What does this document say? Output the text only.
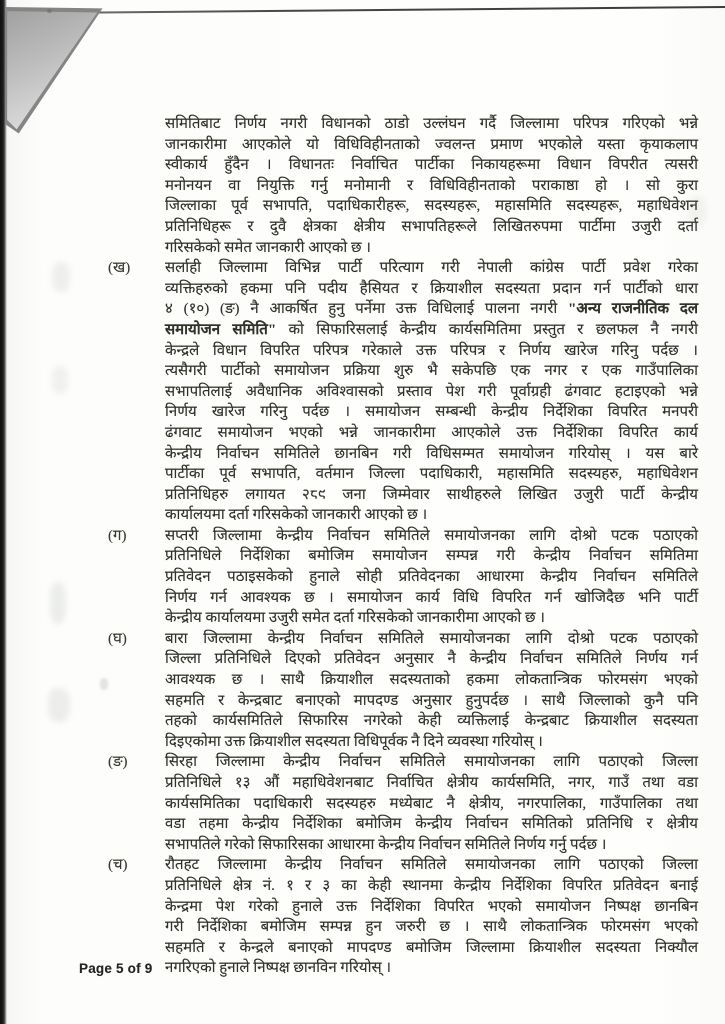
समितिबाट निर्णय नगरी विधानको ठाडो उल्लंघन गर्दै जिल्लामा परिपत्र गरिएको भन्ने
जानकारीमा आएकोले यो विधिविहीनताको ज्वलन्त प्रमाण भएकोले यस्ता कृयाकलाप
स्वीकार्य हुँदैन । विधानतः निर्वाचित पार्टीका निकायहरूमा विधान विपरीत त्यसरी
मनोनयन वा नियुक्ति गर्नु मनोमानी र विधिविहीनताको पराकाष्ठा हो । सो कुरा
जिल्लाका पूर्व सभापति, पदाधिकारीहरू, सदस्यहरू, महासमिति सदस्यहरू, महाधिवेशन
प्रतिनिधिहरू र दुवै क्षेत्रका क्षेत्रीय सभापतिहरूले लिखितरुपमा पार्टीमा उजुरी दर्ता
गरिसकेको समेत जानकारी आएको छ ।
(ख)	सर्लाही जिल्लामा विभिन्न पार्टी परित्याग गरी नेपाली कांग्रेस पार्टी प्रवेश गरेका
व्यक्तिहरुको हकमा पनि पदीय हैसियत र क्रियाशील सदस्यता प्रदान गर्न पार्टीको धारा
४ (१०) (ङ) नै आकर्षित हुनु पर्नेमा उक्त विधिलाई पालना नगरी "अन्य राजनीतिक दल
समायोजन समिति" को सिफारिसलाई केन्द्रीय कार्यसमितिमा प्रस्तुत र छलफल नै नगरी
केन्द्रले विधान विपरित परिपत्र गरेकाले उक्त परिपत्र र निर्णय खारेज गरिनु पर्दछ ।
त्यसैगरी पार्टीको समायोजन प्रक्रिया शुरु भै सकेपछि एक नगर र एक गाउँपालिका
सभापतिलाई अवैधानिक अविश्वासको प्रस्ताव पेश गरी पूर्वाग्रही ढंगवाट हटाइएको भन्ने
निर्णय खारेज गरिनु पर्दछ । समायोजन सम्बन्धी केन्द्रीय निर्देशिका विपरित मनपरी
ढंगवाट समायोजन भएको भन्ने जानकारीमा आएकोले उक्त निर्देशिका विपरित कार्य
केन्द्रीय निर्वाचन समितिले छानबिन गरी विधिसम्मत समायोजन गरियोस् । यस बारे
पार्टीका पूर्व सभापति, वर्तमान जिल्ला पदाधिकारी, महासमिति सदस्यहरु, महाधिवेशन
प्रतिनिधिहरु लगायत २८९ जना जिम्मेवार साथीहरुले लिखित उजुरी पार्टी केन्द्रीय
कार्यालयमा दर्ता गरिसकेको जानकारी आएको छ ।
(ग)	सप्तरी जिल्लामा केन्द्रीय निर्वाचन समितिले समायोजनका लागि दोश्रो पटक पठाएको
प्रतिनिधिले निर्देशिका बमोजिम समायोजन सम्पन्न गरी केन्द्रीय निर्वाचन समितिमा
प्रतिवेदन पठाइसकेको हुनाले सोही प्रतिवेदनका आधारमा केन्द्रीय निर्वाचन समितिले
निर्णय गर्न आवश्यक छ । समायोजन कार्य विधि विपरित गर्न खोजिदैछ भनि पार्टी
केन्द्रीय कार्यालयमा उजुरी समेत दर्ता गरिसकेको जानकारीमा आएको छ ।
(घ)	बारा जिल्लामा केन्द्रीय निर्वाचन समितिले समायोजनका लागि दोश्रो पटक पठाएको
जिल्ला प्रतिनिधिले दिएको प्रतिवेदन अनुसार नै केन्द्रीय निर्वाचन समितिले निर्णय गर्न
आवश्यक छ । साथै क्रियाशील सदस्यताको हकमा लोकतान्त्रिक फोरमसंग भएको
सहमति र केन्द्रबाट बनाएको मापदण्ड अनुसार हुनुपर्दछ । साथै जिल्लाको कुनै पनि
तहको कार्यसमितिले सिफारिस नगरेको केही व्यक्तिलाई केन्द्रबाट क्रियाशील सदस्यता
दिइएकोमा उक्त क्रियाशील सदस्यता विधिपूर्वक नै दिने व्यवस्था गरियोस् ।
(ङ)	सिरहा जिल्लामा केन्द्रीय निर्वाचन समितिले समायोजनका लागि पठाएको जिल्ला
प्रतिनिधिले १३ औं महाधिवेशनबाट निर्वाचित क्षेत्रीय कार्यसमिति, नगर, गाउँ तथा वडा
कार्यसमितिका पदाधिकारी सदस्यहरु मध्येबाट नै क्षेत्रीय, नगरपालिका, गाउँपालिका तथा
वडा तहमा केन्द्रीय निर्देशिका बमोजिम केन्द्रीय निर्वाचन समितिको प्रतिनिधि र क्षेत्रीय
सभापतिले गरेको सिफारिसका आधारमा केन्द्रीय निर्वाचन समितिले निर्णय गर्नु पर्दछ ।
(च)	रौतहट जिल्लामा केन्द्रीय निर्वाचन समितिले समायोजनका लागि पठाएको जिल्ला
प्रतिनिधिले क्षेत्र नं. १ र ३ का केही स्थानमा केन्द्रीय निर्देशिका विपरित प्रतिवेदन बनाई
केन्द्रमा पेश गरेको हुनाले उक्त निर्देशिका विपरित भएको समायोजन निष्पक्ष छानबिन
गरी निर्देशिका बमोजिम सम्पन्न हुन जरुरी छ । साथै लोकतान्त्रिक फोरमसंग भएको
सहमति र केन्द्रले बनाएको मापदण्ड बमोजिम जिल्लामा क्रियाशील सदस्यता निक्यौल
नगरिएको हुनाले निष्पक्ष छानविन गरियोस् ।
Page 5 of 9
